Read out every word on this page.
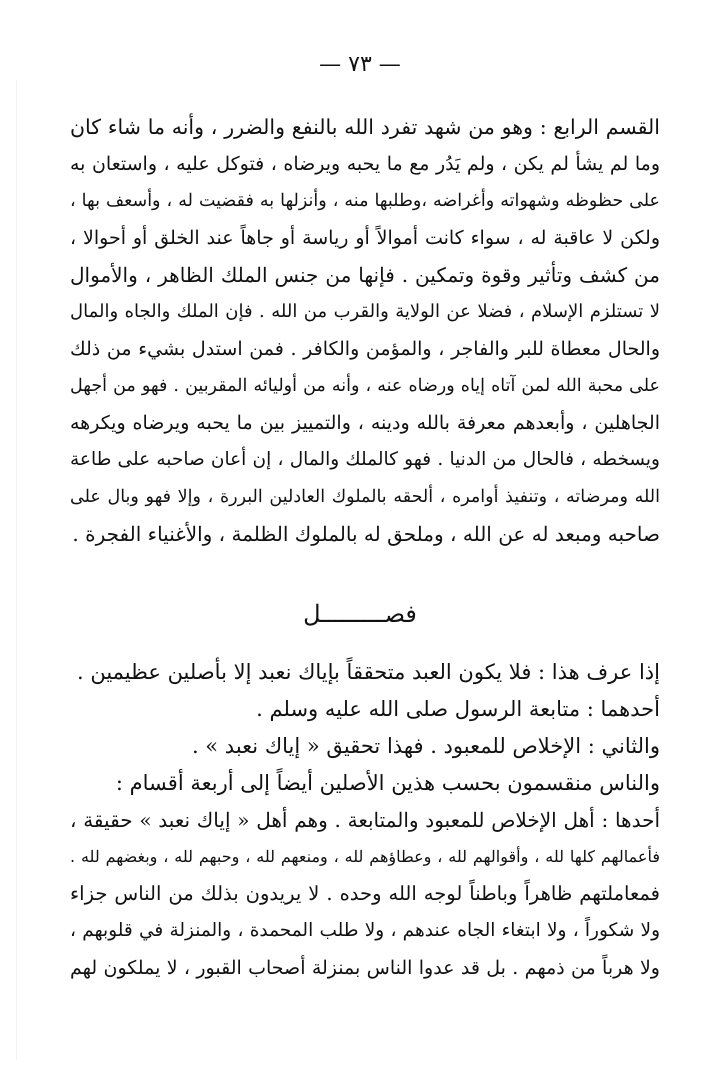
— ٧٣ —
القسم الرابع : وهو من شهد تفرد الله بالنفع والضرر ، وأنه ما شاء كان
وما لم يشأ لم يكن ، ولم يَدُر مع ما يحبه ويرضاه ، فتوكل عليه ، واستعان به
على حظوظه وشهواته وأغراضه ،وطلبها منه ، وأنزلها به فقضيت له ، وأسعف بها ،
ولكن لا عاقبة له ، سواء كانت أموالاً أو رياسة أو جاهاً عند الخلق أو أحوالا ،
من كشف وتأثير وقوة وتمكين . فإنها من جنس الملك الظاهر ، والأموال
لا تستلزم الإسلام ، فضلا عن الولاية والقرب من الله . فإن الملك والجاه والمال
والحال معطاة للبر والفاجر ، والمؤمن والكافر . فمن استدل بشيء من ذلك
على محبة الله لمن آتاه إياه ورضاه عنه ، وأنه من أوليائه المقربين . فهو من أجهل
الجاهلين ، وأبعدهم معرفة بالله ودينه ، والتمييز بين ما يحبه ويرضاه ويكرهه
ويسخطه ، فالحال من الدنيا . فهو كالملك والمال ، إن أعان صاحبه على طاعة
الله ومرضاته ، وتنفيذ أوامره ، ألحقه بالملوك العادلين البررة ، وإلا فهو وبال على
صاحبه ومبعد له عن الله ، وملحق له بالملوك الظلمة ، والأغنياء الفجرة .
فصـــــــــل
إذا عرف هذا : فلا يكون العبد متحققاً بإياك نعبد إلا بأصلين عظيمين .
أحدهما : متابعة الرسول صلى الله عليه وسلم .
والثاني : الإخلاص للمعبود . فهذا تحقيق « إياك نعبد » .
والناس منقسمون بحسب هذين الأصلين أيضاً إلى أربعة أقسام :
أحدها : أهل الإخلاص للمعبود والمتابعة . وهم أهل « إياك نعبد » حقيقة ،
فأعمالهم كلها لله ، وأقوالهم لله ، وعطاؤهم لله ، ومنعهم لله ، وحبهم لله ، وبغضهم لله .
فمعاملتهم ظاهراً وباطناً لوجه الله وحده . لا يريدون بذلك من الناس جزاء
ولا شكوراً ، ولا ابتغاء الجاه عندهم ، ولا طلب المحمدة ، والمنزلة في قلوبهم ،
ولا هرباً من ذمهم . بل قد عدوا الناس بمنزلة أصحاب القبور ، لا يملكون لهم
